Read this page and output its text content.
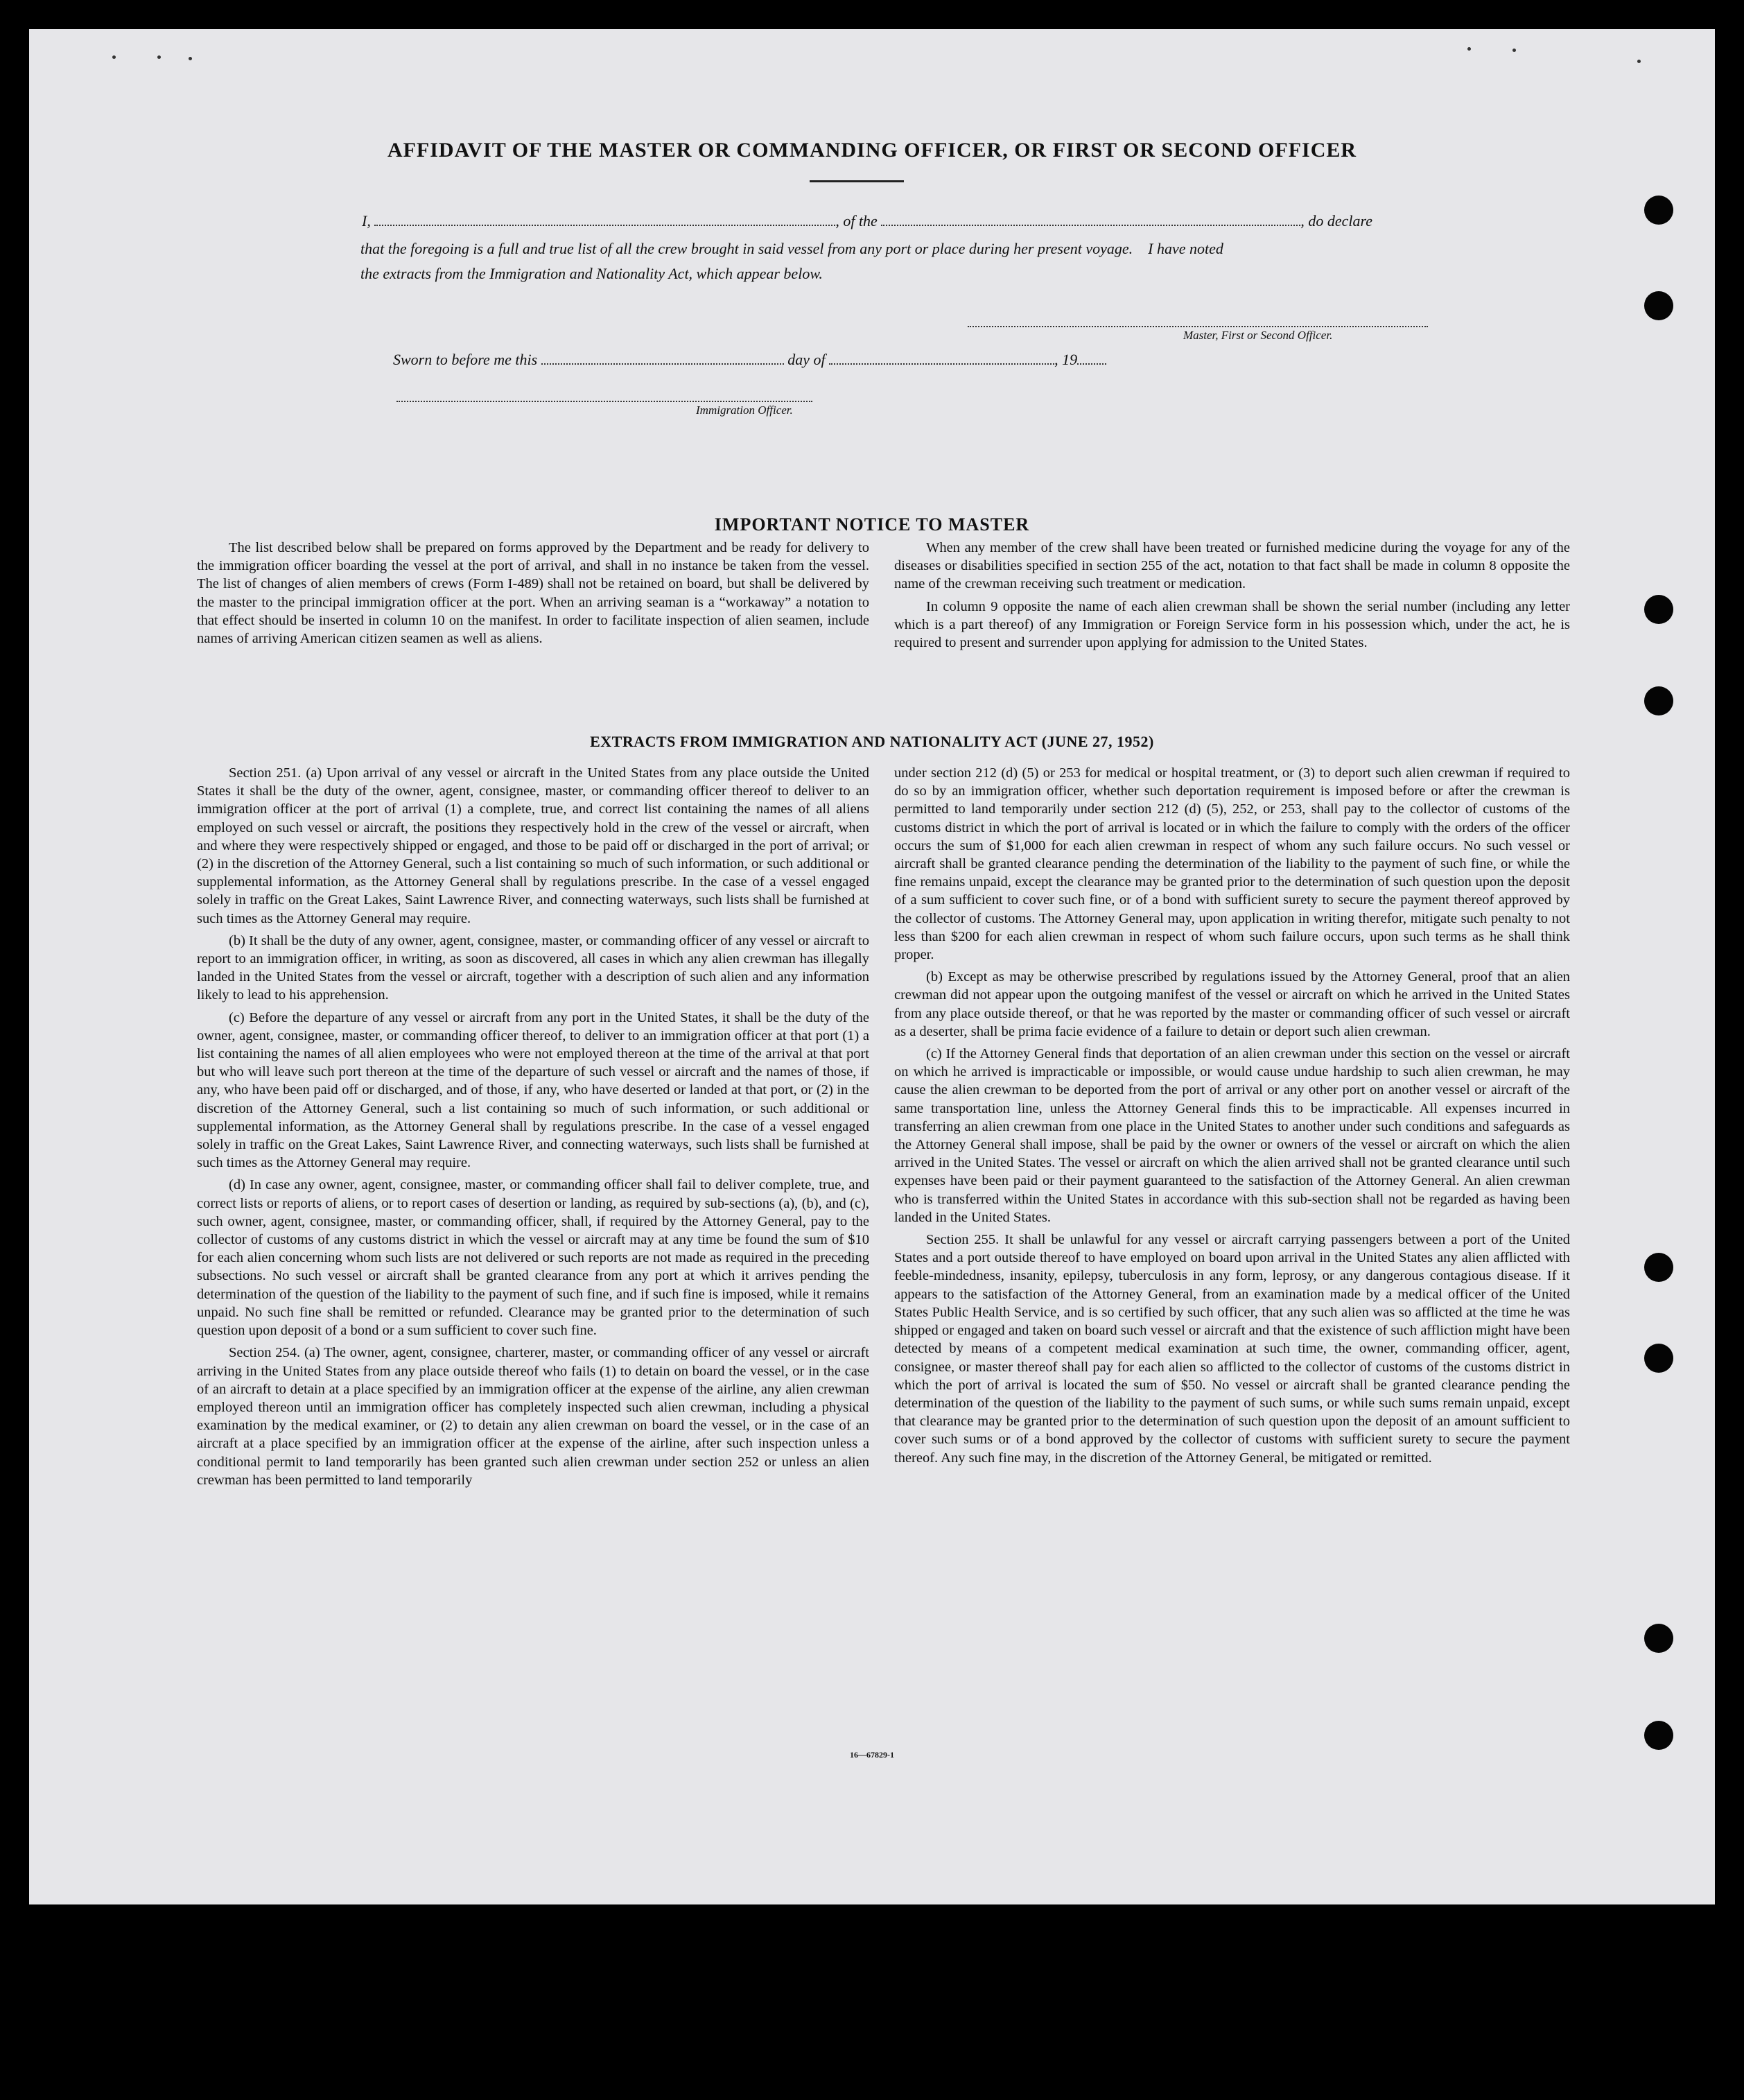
AFFIDAVIT OF THE MASTER OR COMMANDING OFFICER, OR FIRST OR SECOND OFFICER
I,	, of the	, do declare
that the foregoing is a full and true list of all the crew brought in said vessel from any port or place during her present voyage.    I have noted
the extracts from the Immigration and Nationality Act, which appear below.
Master, First or Second Officer.
Sworn to before me this	day of	, 19
Immigration Officer.
IMPORTANT NOTICE TO MASTER

The list described below shall be prepared on forms approved by the Department and be ready for delivery to the immigration officer boarding the vessel at the port of arrival, and shall in no instance be taken from the vessel. The list of changes of alien members of crews (Form I-489) shall not be retained on board, but shall be delivered by the master to the principal immigration officer at the port. When an arriving seaman is a “workaway” a notation to that effect should be inserted in column 10 on the manifest. In order to facilitate inspection of alien seamen, include names of arriving American citizen seamen as well as aliens.

When any member of the crew shall have been treated or furnished medicine during the voyage for any of the diseases or disabilities specified in section 255 of the act, notation to that fact shall be made in column 8 opposite the name of the crewman receiving such treatment or medication.

In column 9 opposite the name of each alien crewman shall be shown the serial number (including any letter which is a part thereof) of any Immigration or Foreign Service form in his possession which, under the act, he is required to present and surrender upon applying for admission to the United States.

EXTRACTS FROM IMMIGRATION AND NATIONALITY ACT (JUNE 27, 1952)

Section 251. (a) Upon arrival of any vessel or aircraft in the United States from any place outside the United States it shall be the duty of the owner, agent, consignee, master, or commanding officer thereof to deliver to an immigration officer at the port of arrival (1) a complete, true, and correct list containing the names of all aliens employed on such vessel or aircraft, the positions they respectively hold in the crew of the vessel or aircraft, when and where they were respectively shipped or engaged, and those to be paid off or discharged in the port of arrival; or (2) in the discretion of the Attorney General, such a list containing so much of such information, or such additional or supplemental information, as the Attorney General shall by regulations prescribe. In the case of a vessel engaged solely in traffic on the Great Lakes, Saint Lawrence River, and connecting waterways, such lists shall be furnished at such times as the Attorney General may require.

(b) It shall be the duty of any owner, agent, consignee, master, or commanding officer of any vessel or aircraft to report to an immigration officer, in writing, as soon as discovered, all cases in which any alien crewman has illegally landed in the United States from the vessel or aircraft, together with a description of such alien and any information likely to lead to his apprehension.

(c) Before the departure of any vessel or aircraft from any port in the United States, it shall be the duty of the owner, agent, consignee, master, or commanding officer thereof, to deliver to an immigration officer at that port (1) a list containing the names of all alien employees who were not employed thereon at the time of the arrival at that port but who will leave such port thereon at the time of the departure of such vessel or aircraft and the names of those, if any, who have been paid off or discharged, and of those, if any, who have deserted or landed at that port, or (2) in the discretion of the Attorney General, such a list containing so much of such information, or such additional or supplemental information, as the Attorney General shall by regulations prescribe. In the case of a vessel engaged solely in traffic on the Great Lakes, Saint Lawrence River, and connecting waterways, such lists shall be furnished at such times as the Attorney General may require.

(d) In case any owner, agent, consignee, master, or commanding officer shall fail to deliver complete, true, and correct lists or reports of aliens, or to report cases of desertion or landing, as required by sub-sections (a), (b), and (c), such owner, agent, consignee, master, or commanding officer, shall, if required by the Attorney General, pay to the collector of customs of any customs district in which the vessel or aircraft may at any time be found the sum of $10 for each alien concerning whom such lists are not delivered or such reports are not made as required in the preceding subsections. No such vessel or aircraft shall be granted clearance from any port at which it arrives pending the determination of the question of the liability to the payment of such fine, and if such fine is imposed, while it remains unpaid. No such fine shall be remitted or refunded. Clearance may be granted prior to the determination of such question upon deposit of a bond or a sum sufficient to cover such fine.

Section 254. (a) The owner, agent, consignee, charterer, master, or commanding officer of any vessel or aircraft arriving in the United States from any place outside thereof who fails (1) to detain on board the vessel, or in the case of an aircraft to detain at a place specified by an immigration officer at the expense of the airline, any alien crewman employed thereon until an immigration officer has completely inspected such alien crewman, including a physical examination by the medical examiner, or (2) to detain any alien crewman on board the vessel, or in the case of an aircraft at a place specified by an immigration officer at the expense of the airline, after such inspection unless a conditional permit to land temporarily has been granted such alien crewman under section 252 or unless an alien crewman has been permitted to land temporarily

under section 212 (d) (5) or 253 for medical or hospital treatment, or (3) to deport such alien crewman if required to do so by an immigration officer, whether such deportation requirement is imposed before or after the crewman is permitted to land temporarily under section 212 (d) (5), 252, or 253, shall pay to the collector of customs of the customs district in which the port of arrival is located or in which the failure to comply with the orders of the officer occurs the sum of $1,000 for each alien crewman in respect of whom any such failure occurs. No such vessel or aircraft shall be granted clearance pending the determination of the liability to the payment of such fine, or while the fine remains unpaid, except the clearance may be granted prior to the determination of such question upon the deposit of a sum sufficient to cover such fine, or of a bond with sufficient surety to secure the payment thereof approved by the collector of customs. The Attorney General may, upon application in writing therefor, mitigate such penalty to not less than $200 for each alien crewman in respect of whom such failure occurs, upon such terms as he shall think proper.

(b) Except as may be otherwise prescribed by regulations issued by the Attorney General, proof that an alien crewman did not appear upon the outgoing manifest of the vessel or aircraft on which he arrived in the United States from any place outside thereof, or that he was reported by the master or commanding officer of such vessel or aircraft as a deserter, shall be prima facie evidence of a failure to detain or deport such alien crewman.

(c) If the Attorney General finds that deportation of an alien crewman under this section on the vessel or aircraft on which he arrived is impracticable or impossible, or would cause undue hardship to such alien crewman, he may cause the alien crewman to be deported from the port of arrival or any other port on another vessel or aircraft of the same transportation line, unless the Attorney General finds this to be impracticable. All expenses incurred in transferring an alien crewman from one place in the United States to another under such conditions and safeguards as the Attorney General shall impose, shall be paid by the owner or owners of the vessel or aircraft on which the alien arrived in the United States. The vessel or aircraft on which the alien arrived shall not be granted clearance until such expenses have been paid or their payment guaranteed to the satisfaction of the Attorney General. An alien crewman who is transferred within the United States in accordance with this sub-section shall not be regarded as having been landed in the United States.

Section 255. It shall be unlawful for any vessel or aircraft carrying passengers between a port of the United States and a port outside thereof to have employed on board upon arrival in the United States any alien afflicted with feeble-mindedness, insanity, epilepsy, tuberculosis in any form, leprosy, or any dangerous contagious disease. If it appears to the satisfaction of the Attorney General, from an examination made by a medical officer of the United States Public Health Service, and is so certified by such officer, that any such alien was so afflicted at the time he was shipped or engaged and taken on board such vessel or aircraft and that the existence of such affliction might have been detected by means of a competent medical examination at such time, the owner, commanding officer, agent, consignee, or master thereof shall pay for each alien so afflicted to the collector of customs of the customs district in which the port of arrival is located the sum of $50. No vessel or aircraft shall be granted clearance pending the determination of the question of the liability to the payment of such sums, or while such sums remain unpaid, except that clearance may be granted prior to the determination of such question upon the deposit of an amount sufficient to cover such sums or of a bond approved by the collector of customs with sufficient surety to secure the payment thereof. Any such fine may, in the discretion of the Attorney General, be mitigated or remitted.

16—67829-1
